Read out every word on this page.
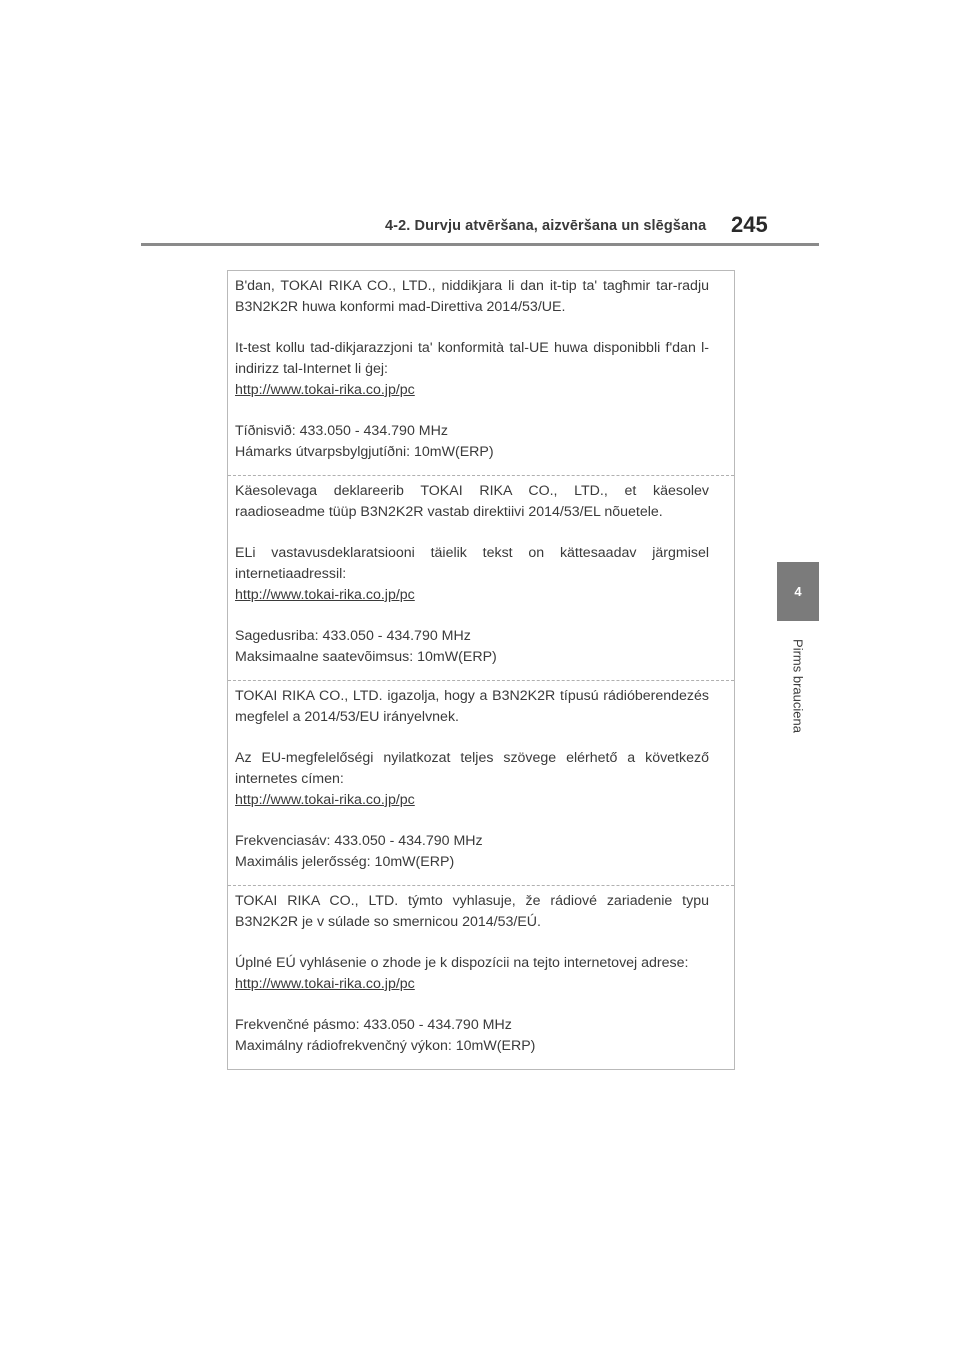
4-2. Durvju atvēršana, aizvēršana un slēgšana 245
4
Pirms brauciena

B'dan, TOKAI RIKA CO., LTD., niddikjara li dan it-tip ta' tagħmir tar-radju B3N2K2R huwa konformi mad-Direttiva 2014/53/UE.

It-test kollu tad-dikjarazzjoni ta' konformità tal-UE huwa disponibbli f'dan l-indirizz tal-Internet li ġej:

http://www.tokai-rika.co.jp/pc

Tíðnisvið: 433.050 - 434.790 MHz

Hámarks útvarpsbylgjutíðni: 10mW(ERP)

Käesolevaga deklareerib TOKAI RIKA CO., LTD., et käesolev raadioseadme tüüp B3N2K2R vastab direktiivi 2014/53/EL nõuetele.

ELi vastavusdeklaratsiooni täielik tekst on kättesaadav järgmisel internetiaadressil:

http://www.tokai-rika.co.jp/pc

Sagedusriba: 433.050 - 434.790 MHz

Maksimaalne saatevõimsus: 10mW(ERP)

TOKAI RIKA CO., LTD. igazolja, hogy a B3N2K2R típusú rádióberendezés megfelel a 2014/53/EU irányelvnek.

Az EU-megfelelőségi nyilatkozat teljes szövege elérhető a következő internetes címen:

http://www.tokai-rika.co.jp/pc

Frekvenciasáv: 433.050 - 434.790 MHz

Maximális jelerősség: 10mW(ERP)

TOKAI RIKA CO., LTD. týmto vyhlasuje, že rádiové zariadenie typu B3N2K2R je v súlade so smernicou 2014/53/EÚ.

Úplné EÚ vyhlásenie o zhode je k dispozícii na tejto internetovej adrese:

http://www.tokai-rika.co.jp/pc

Frekvenčné pásmo: 433.050 - 434.790 MHz

Maximálny rádiofrekvenčný výkon: 10mW(ERP)
